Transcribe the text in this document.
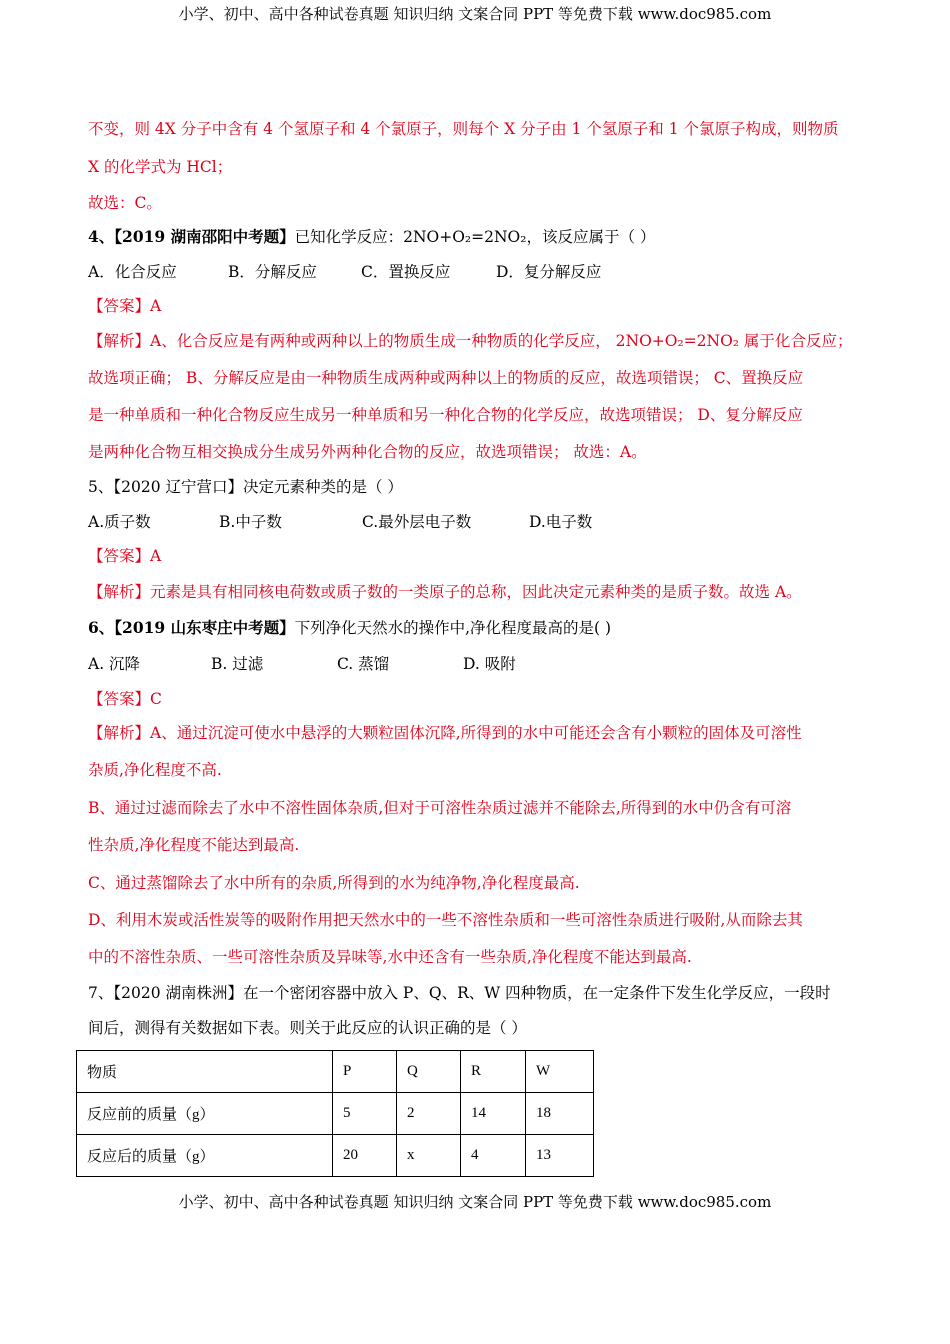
小学、初中、高中各种试卷真题 知识归纳 文案合同 PPT 等免费下载 www.doc985.com
不变，则 4X 分子中含有 4 个氢原子和 4 个氯原子，则每个 X 分子由 1 个氢原子和 1 个氯原子构成，则物质
X 的化学式为 HCl；
故选：C。
4、【2019 湖南邵阳中考题】已知化学反应：2NO+O₂=2NO₂，该反应属于（ ）
A．化合反应	B．分解反应	C．置换反应	D．复分解反应
【答案】A
【解析】A、化合反应是有两种或两种以上的物质生成一种物质的化学反应， 2NO+O₂=2NO₂ 属于化合反应；
故选项正确； B、分解反应是由一种物质生成两种或两种以上的物质的反应，故选项错误； C、置换反应
是一种单质和一种化合物反应生成另一种单质和另一种化合物的化学反应，故选项错误； D、复分解反应
是两种化合物互相交换成分生成另外两种化合物的反应，故选项错误； 故选：A。
5、【2020 辽宁营口】决定元素种类的是（ ）
A.质子数	B.中子数	C.最外层电子数	D.电子数
【答案】A
【解析】元素是具有相同核电荷数或质子数的一类原子的总称，因此决定元素种类的是质子数。故选 A。
6、【2019 山东枣庄中考题】下列净化天然水的操作中,净化程度最高的是( )
A. 沉降	B. 过滤	C. 蒸馏	D. 吸附
【答案】C
【解析】A、通过沉淀可使水中悬浮的大颗粒固体沉降,所得到的水中可能还会含有小颗粒的固体及可溶性
杂质,净化程度不高.
B、通过过滤而除去了水中不溶性固体杂质,但对于可溶性杂质过滤并不能除去,所得到的水中仍含有可溶
性杂质,净化程度不能达到最高.
C、通过蒸馏除去了水中所有的杂质,所得到的水为纯净物,净化程度最高.
D、利用木炭或活性炭等的吸附作用把天然水中的一些不溶性杂质和一些可溶性杂质进行吸附,从而除去其
中的不溶性杂质、一些可溶性杂质及异味等,水中还含有一些杂质,净化程度不能达到最高.
7、【2020 湖南株洲】在一个密闭容器中放入 P、Q、R、W 四种物质，在一定条件下发生化学反应，一段时
间后，测得有关数据如下表。则关于此反应的认识正确的是（ ）
物质	P	Q	R	W
反应前的质量（g）	5	2	14	18
反应后的质量（g）	20	x	4	13
小学、初中、高中各种试卷真题 知识归纳 文案合同 PPT 等免费下载 www.doc985.com
